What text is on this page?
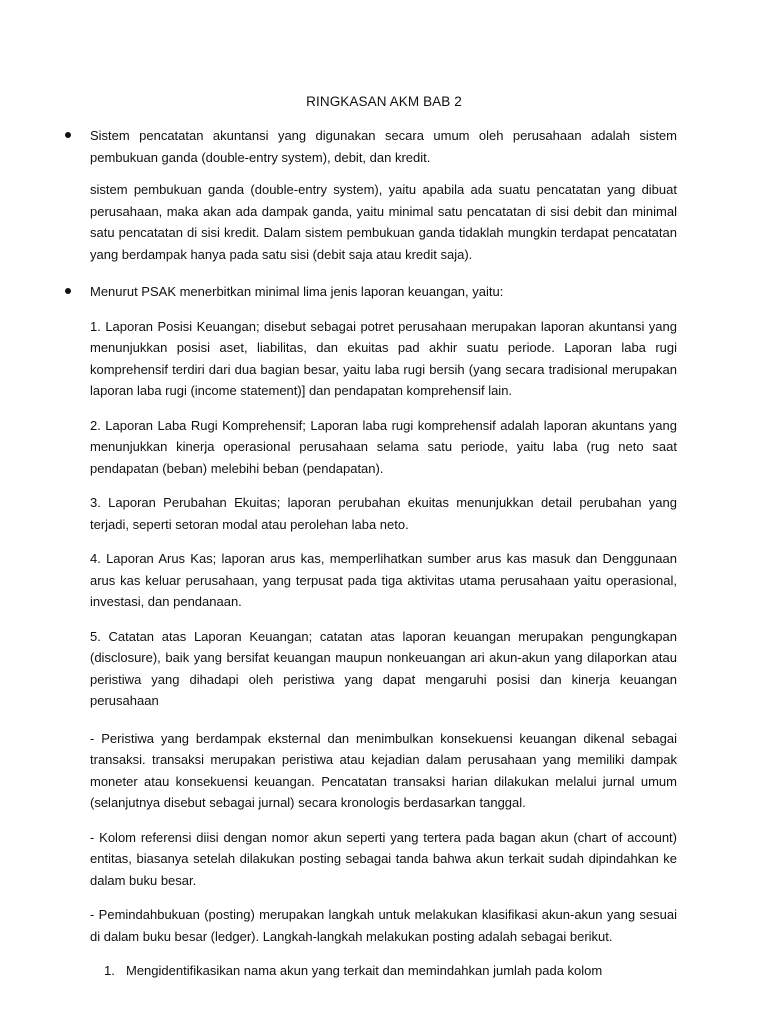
RINGKASAN AKM BAB 2

Sistem pencatatan akuntansi yang digunakan secara umum oleh perusahaan adalah sistem pembukuan ganda (double-entry system), debit, dan kredit.

sistem pembukuan ganda (double-entry system), yaitu apabila ada suatu pencatatan yang dibuat perusahaan, maka akan ada dampak ganda, yaitu minimal satu pencatatan di sisi debit dan minimal satu pencatatan di sisi kredit. Dalam sistem pembukuan ganda tidaklah mungkin terdapat pencatatan yang berdampak hanya pada satu sisi (debit saja atau kredit saja).

Menurut PSAK menerbitkan minimal lima jenis laporan keuangan, yaitu:

1. Laporan Posisi Keuangan; disebut sebagai potret perusahaan merupakan laporan akuntansi yang menunjukkan posisi aset, liabilitas, dan ekuitas pad akhir suatu periode. Laporan laba rugi komprehensif terdiri dari dua bagian besar, yaitu laba rugi bersih (yang secara tradisional merupakan laporan laba rugi (income statement)] dan pendapatan komprehensif lain.

2. Laporan Laba Rugi Komprehensif; Laporan laba rugi komprehensif adalah laporan akuntans yang menunjukkan kinerja operasional perusahaan selama satu periode, yaitu laba (rug neto saat pendapatan (beban) melebihi beban (pendapatan).

3. Laporan Perubahan Ekuitas; laporan perubahan ekuitas menunjukkan detail perubahan yang terjadi, seperti setoran modal atau perolehan laba neto.

4. Laporan Arus Kas; laporan arus kas, memperlihatkan sumber arus kas masuk dan Denggunaan arus kas keluar perusahaan, yang terpusat pada tiga aktivitas utama perusahaan yaitu operasional, investasi, dan pendanaan.

5. Catatan atas Laporan Keuangan; catatan atas laporan keuangan merupakan pengungkapan (disclosure), baik yang bersifat keuangan maupun nonkeuangan ari akun-akun yang dilaporkan atau peristiwa yang dihadapi oleh peristiwa yang dapat mengaruhi posisi dan kinerja keuangan perusahaan

- Peristiwa yang berdampak eksternal dan menimbulkan konsekuensi keuangan dikenal sebagai transaksi. transaksi merupakan peristiwa atau kejadian dalam perusahaan yang memiliki dampak moneter atau konsekuensi keuangan. Pencatatan transaksi harian dilakukan melalui jurnal umum (selanjutnya disebut sebagai jurnal) secara kronologis berdasarkan tanggal.

- Kolom referensi diisi dengan nomor akun seperti yang tertera pada bagan akun (chart of account) entitas, biasanya setelah dilakukan posting sebagai tanda bahwa akun terkait sudah dipindahkan ke dalam buku besar.

- Pemindahbukuan (posting) merupakan langkah untuk melakukan klasifikasi akun-akun yang sesuai di dalam buku besar (ledger). Langkah-langkah melakukan posting adalah sebagai berikut.

1. Mengidentifikasikan nama akun yang terkait dan memindahkan jumlah pada kolom
